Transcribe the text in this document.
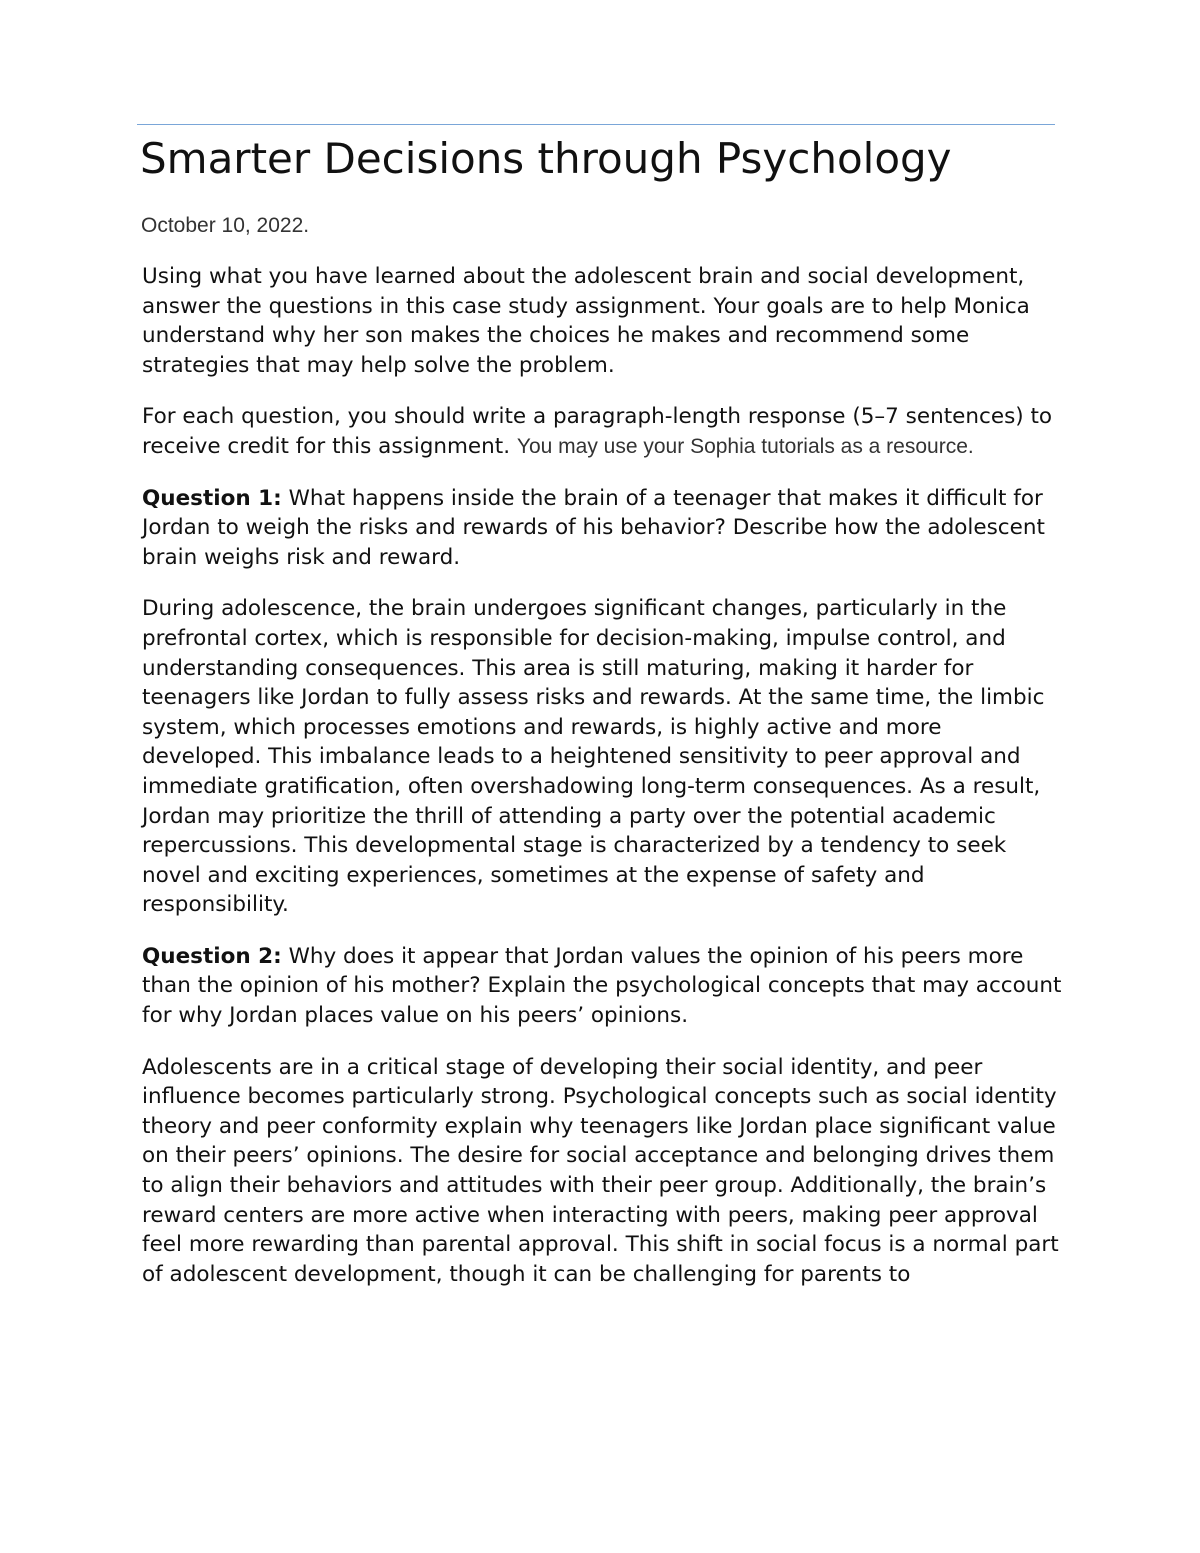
Smarter Decisions through Psychology

October 10, 2022.

Using what you have learned about the adolescent brain and social development, answer the questions in this case study assignment. Your goals are to help Monica understand why her son makes the choices he makes and recommend some strategies that may help solve the problem.

For each question, you should write a paragraph-length response (5–7 sentences) to receive credit for this assignment. You may use your Sophia tutorials as a resource.

Question 1: What happens inside the brain of a teenager that makes it difficult for Jordan to weigh the risks and rewards of his behavior? Describe how the adolescent brain weighs risk and reward.

During adolescence, the brain undergoes significant changes, particularly in the prefrontal cortex, which is responsible for decision-making, impulse control, and understanding consequences. This area is still maturing, making it harder for teenagers like Jordan to fully assess risks and rewards. At the same time, the limbic system, which processes emotions and rewards, is highly active and more developed. This imbalance leads to a heightened sensitivity to peer approval and immediate gratification, often overshadowing long-term consequences. As a result, Jordan may prioritize the thrill of attending a party over the potential academic repercussions. This developmental stage is characterized by a tendency to seek novel and exciting experiences, sometimes at the expense of safety and responsibility.

Question 2: Why does it appear that Jordan values the opinion of his peers more than the opinion of his mother? Explain the psychological concepts that may account for why Jordan places value on his peers’ opinions.

Adolescents are in a critical stage of developing their social identity, and peer influence becomes particularly strong. Psychological concepts such as social identity theory and peer conformity explain why teenagers like Jordan place significant value on their peers’ opinions. The desire for social acceptance and belonging drives them to align their behaviors and attitudes with their peer group. Additionally, the brain’s reward centers are more active when interacting with peers, making peer approval feel more rewarding than parental approval. This shift in social focus is a normal part of adolescent development, though it can be challenging for parents to
